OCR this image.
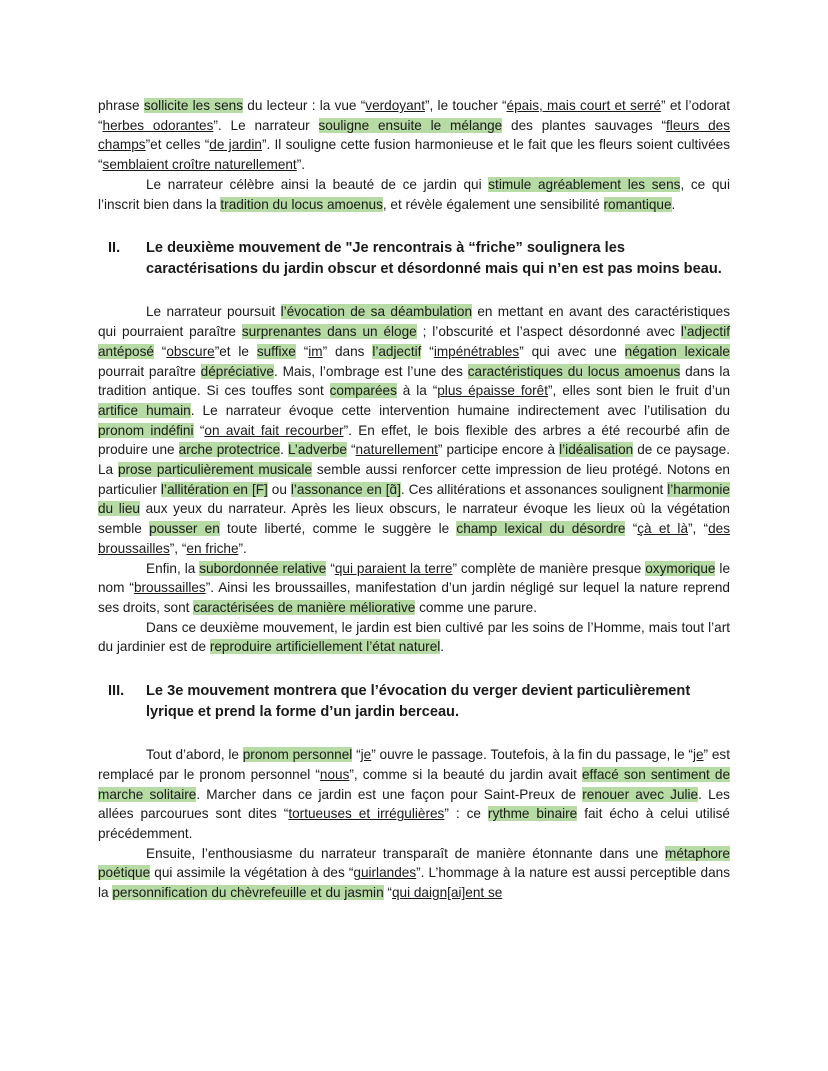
phrase sollicite les sens du lecteur : la vue “verdoyant”, le toucher “épais, mais court et serré” et l’odorat “herbes odorantes”. Le narrateur souligne ensuite le mélange des plantes sauvages “fleurs des champs”et celles “de jardin”. Il souligne cette fusion harmonieuse et le fait que les fleurs soient cultivées “semblaient croître naturellement”.

Le narrateur célèbre ainsi la beauté de ce jardin qui stimule agréablement les sens, ce qui l’inscrit bien dans la tradition du locus amoenus, et révèle également une sensibilité romantique.

II. Le deuxième mouvement de "Je rencontrais à “friche” soulignera les caractérisations du jardin obscur et désordonné mais qui n’en est pas moins beau.

Le narrateur poursuit l’évocation de sa déambulation en mettant en avant des caractéristiques qui pourraient paraître surprenantes dans un éloge ; l’obscurité et l’aspect désordonné avec l’adjectif antéposé “obscure”et le suffixe “im” dans l’adjectif “impénétrables” qui avec une négation lexicale pourrait paraître dépréciative. Mais, l’ombrage est l’une des caractéristiques du locus amoenus dans la tradition antique. Si ces touffes sont comparées à la “plus épaisse forêt”, elles sont bien le fruit d’un artifice humain. Le narrateur évoque cette intervention humaine indirectement avec l’utilisation du pronom indéfini “on avait fait recourber”. En effet, le bois flexible des arbres a été recourbé afin de produire une arche protectrice. L’adverbe “naturellement” participe encore à l’idéalisation de ce paysage. La prose particulièrement musicale semble aussi renforcer cette impression de lieu protégé. Notons en particulier l’allitération en [F] ou l’assonance en [ɑ̃]. Ces allitérations et assonances soulignent l’harmonie du lieu aux yeux du narrateur. Après les lieux obscurs, le narrateur évoque les lieux où la végétation semble pousser en toute liberté, comme le suggère le champ lexical du désordre “çà et là”, “des broussailles”, “en friche”.

Enfin, la subordonnée relative “qui paraient la terre” complète de manière presque oxymorique le nom “broussailles”. Ainsi les broussailles, manifestation d’un jardin négligé sur lequel la nature reprend ses droits, sont caractérisées de manière méliorative comme une parure.

Dans ce deuxième mouvement, le jardin est bien cultivé par les soins de l’Homme, mais tout l’art du jardinier est de reproduire artificiellement l’état naturel.

III. Le 3e mouvement montrera que l’évocation du verger devient particulièrement lyrique et prend la forme d’un jardin berceau.

Tout d’abord, le pronom personnel “je” ouvre le passage. Toutefois, à la fin du passage, le “je” est remplacé par le pronom personnel “nous”, comme si la beauté du jardin avait effacé son sentiment de marche solitaire. Marcher dans ce jardin est une façon pour Saint-Preux de renouer avec Julie. Les allées parcourues sont dites “tortueuses et irrégulières” : ce rythme binaire fait écho à celui utilisé précédemment.

Ensuite, l’enthousiasme du narrateur transparaît de manière étonnante dans une métaphore poétique qui assimile la végétation à des “guirlandes”. L’hommage à la nature est aussi perceptible dans la personnification du chèvrefeuille et du jasmin “qui daign[ai]ent se
